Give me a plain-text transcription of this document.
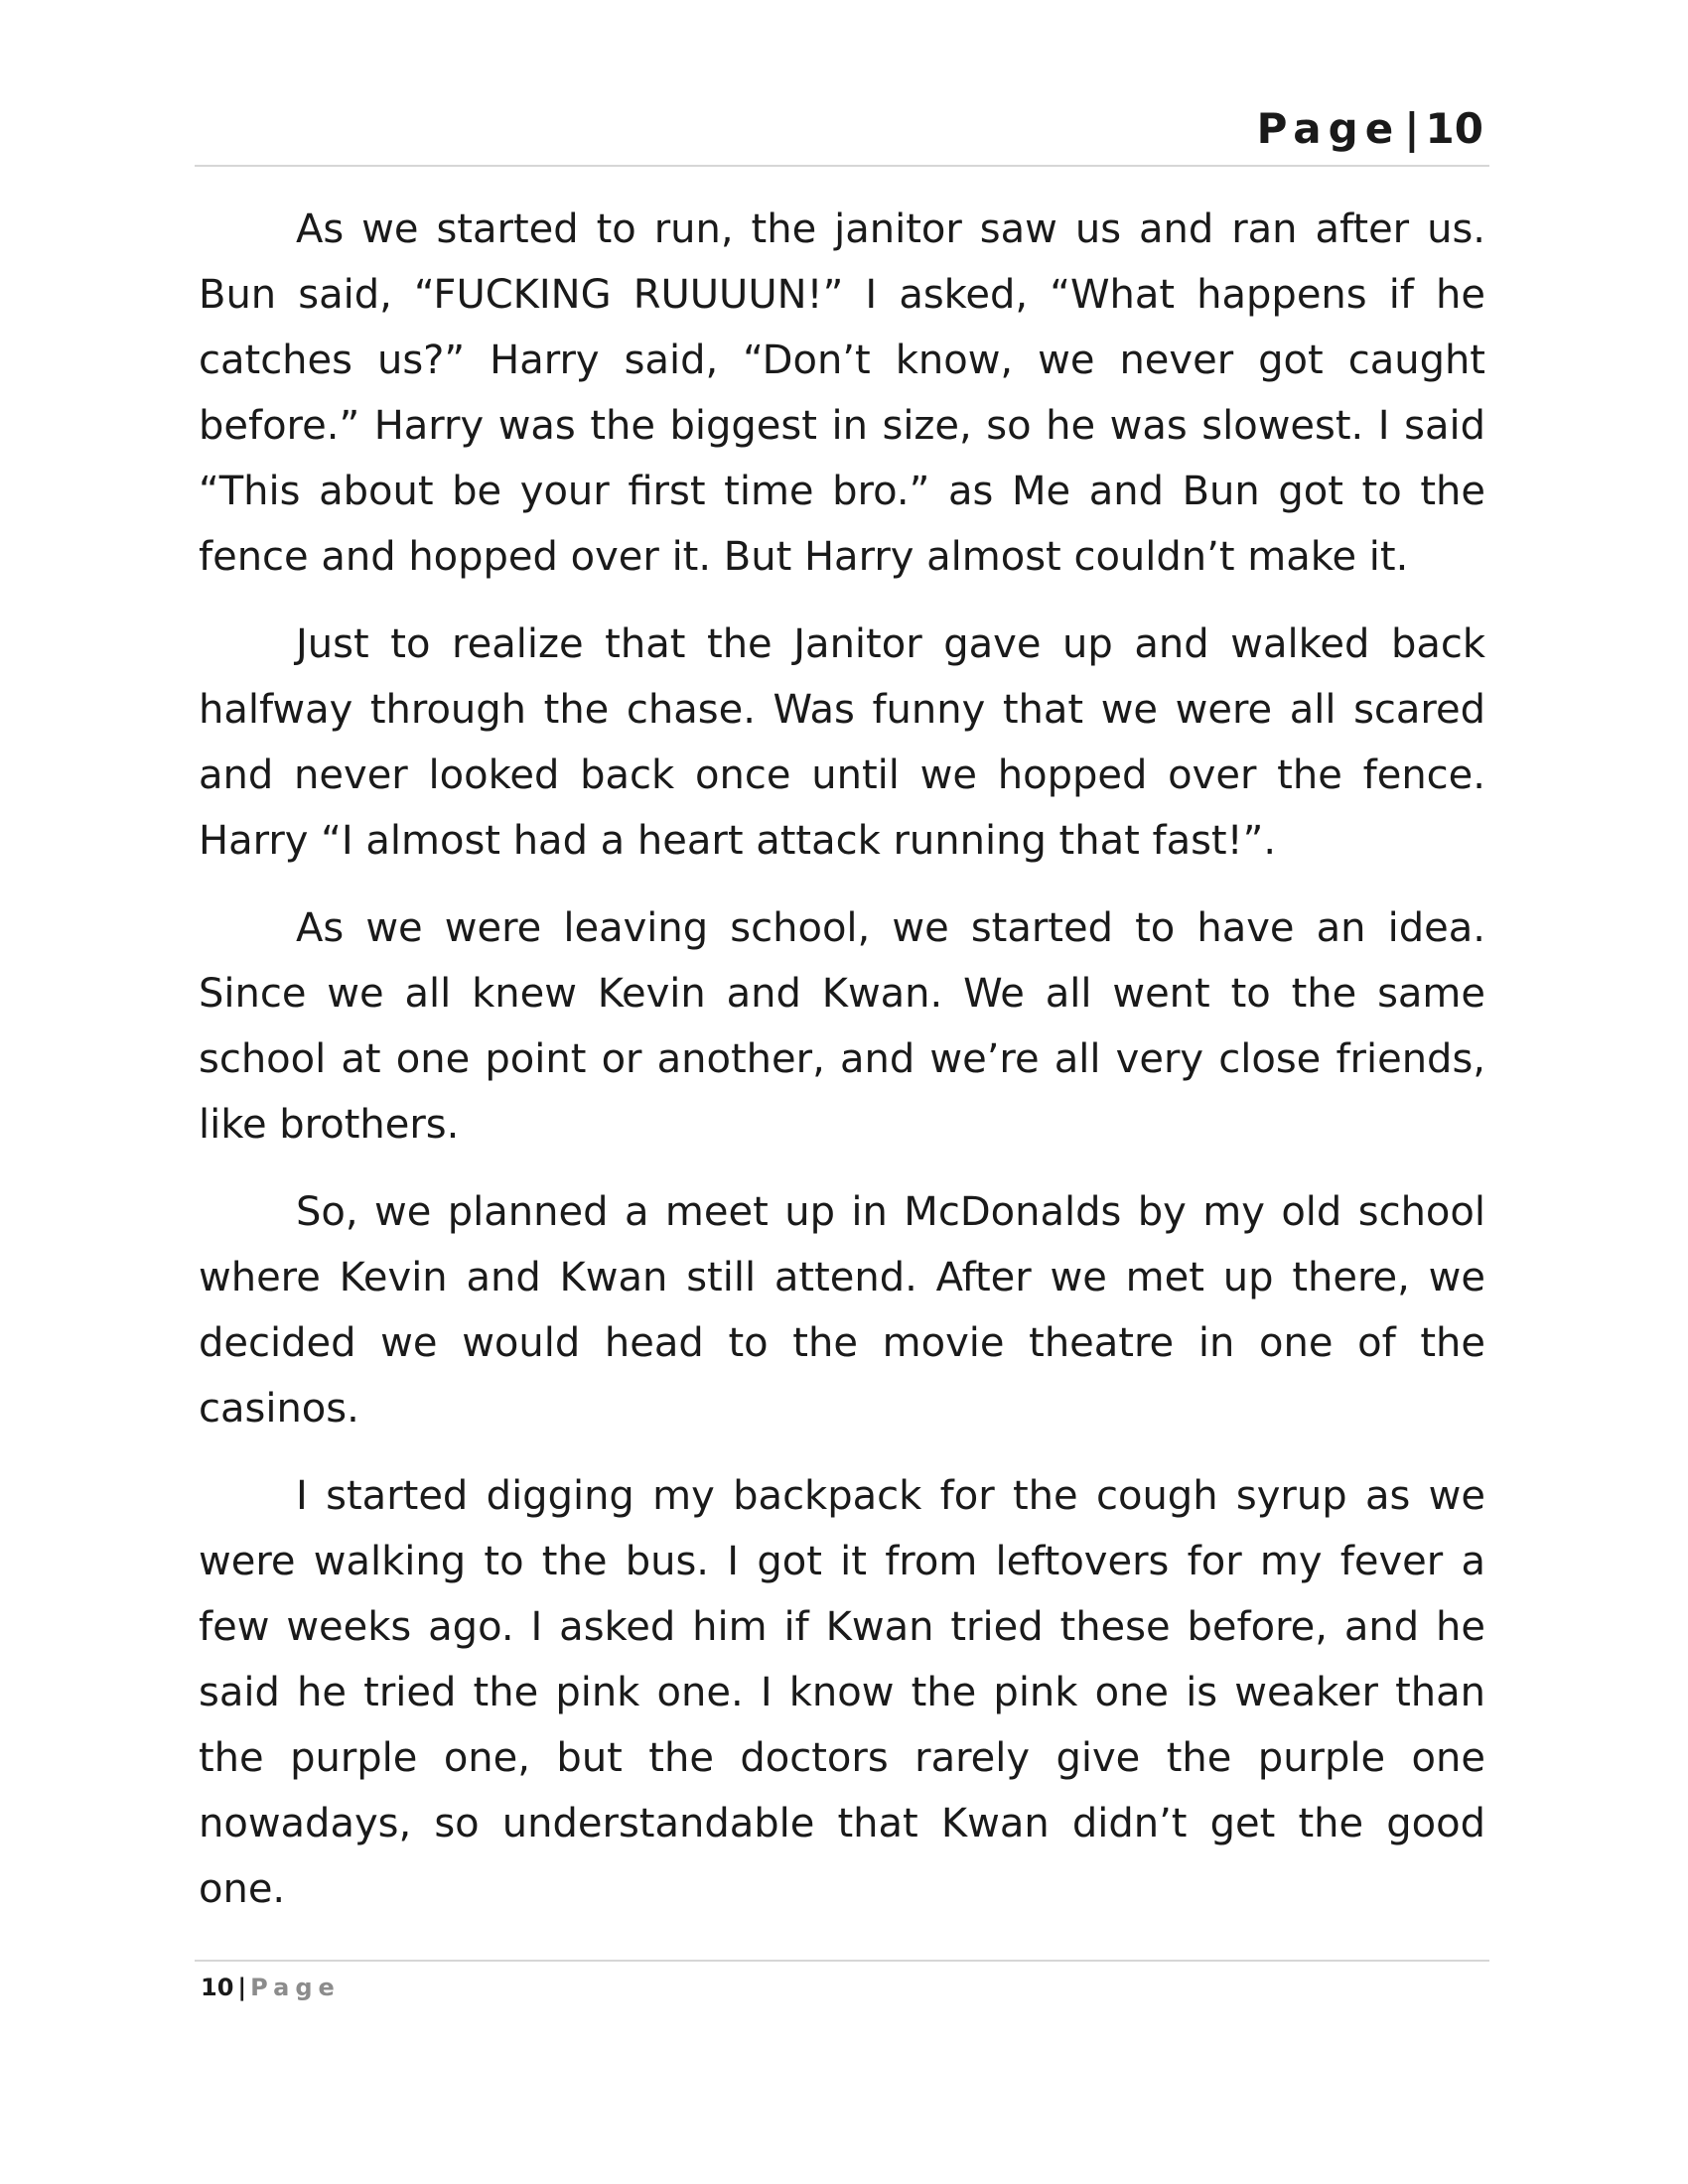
Page| 10

As we started to run, the janitor saw us and ran after us. Bun said, “FUCKING RUUUUN!” I asked, “What happens if he catches us?” Harry said, “Don’t know, we never got caught before.” Harry was the biggest in size, so he was slowest. I said “This about be your first time bro.” as Me and Bun got to the fence and hopped over it. But Harry almost couldn’t make it.

Just to realize that the Janitor gave up and walked back halfway through the chase. Was funny that we were all scared and never looked back once until we hopped over the fence. Harry “I almost had a heart attack running that fast!”.

As we were leaving school, we started to have an idea. Since we all knew Kevin and Kwan. We all went to the same school at one point or another, and we’re all very close friends, like brothers.

So, we planned a meet up in McDonalds by my old school where Kevin and Kwan still attend. After we met up there, we decided we would head to the movie theatre in one of the casinos.

I started digging my backpack for the cough syrup as we were walking to the bus. I got it from leftovers for my fever a few weeks ago. I asked him if Kwan tried these before, and he said he tried the pink one. I know the pink one is weaker than the purple one, but the doctors rarely give the purple one nowadays, so understandable that Kwan didn’t get the good one.

10 | Page
